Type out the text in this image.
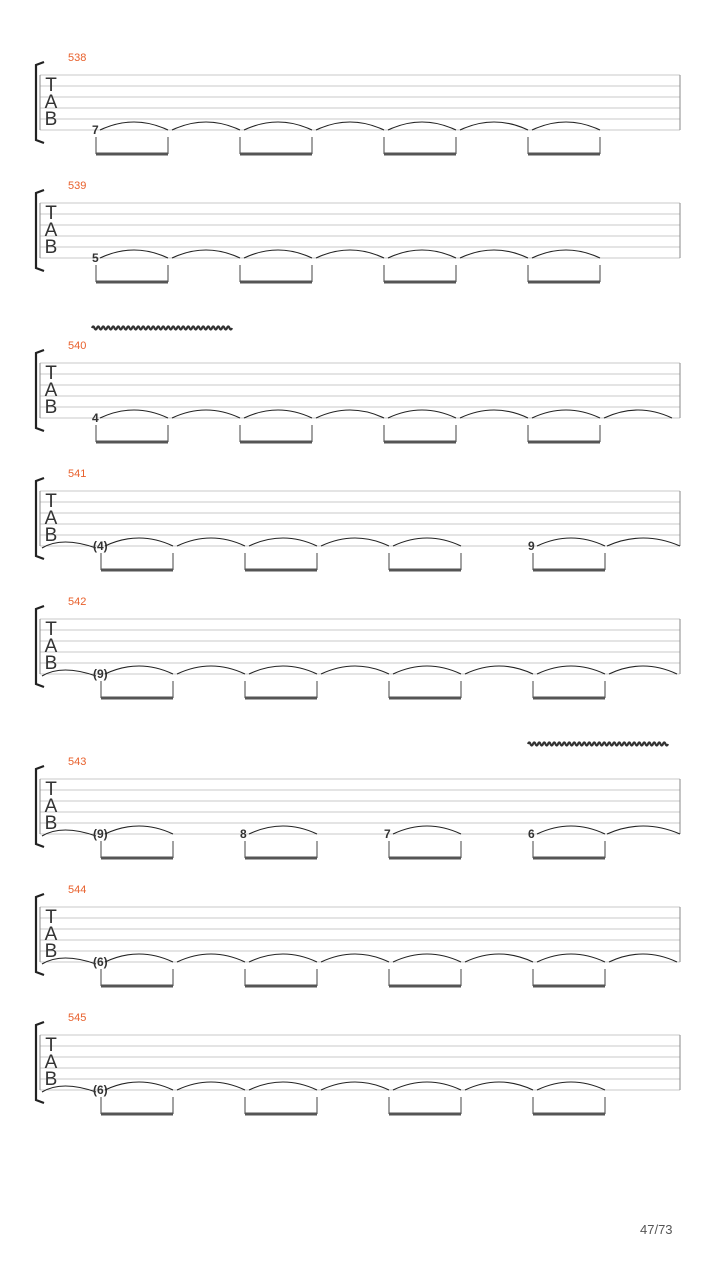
T
A
B
538
7
T
A
B
539
5
T
A
B
540
4
T
A
B
541
(4)	9
T
A
B
542
(9)
T
A
B
543
(9)	8	7	6
T
A
B
544
(6)
T
A
B
545
(6)
47/73
